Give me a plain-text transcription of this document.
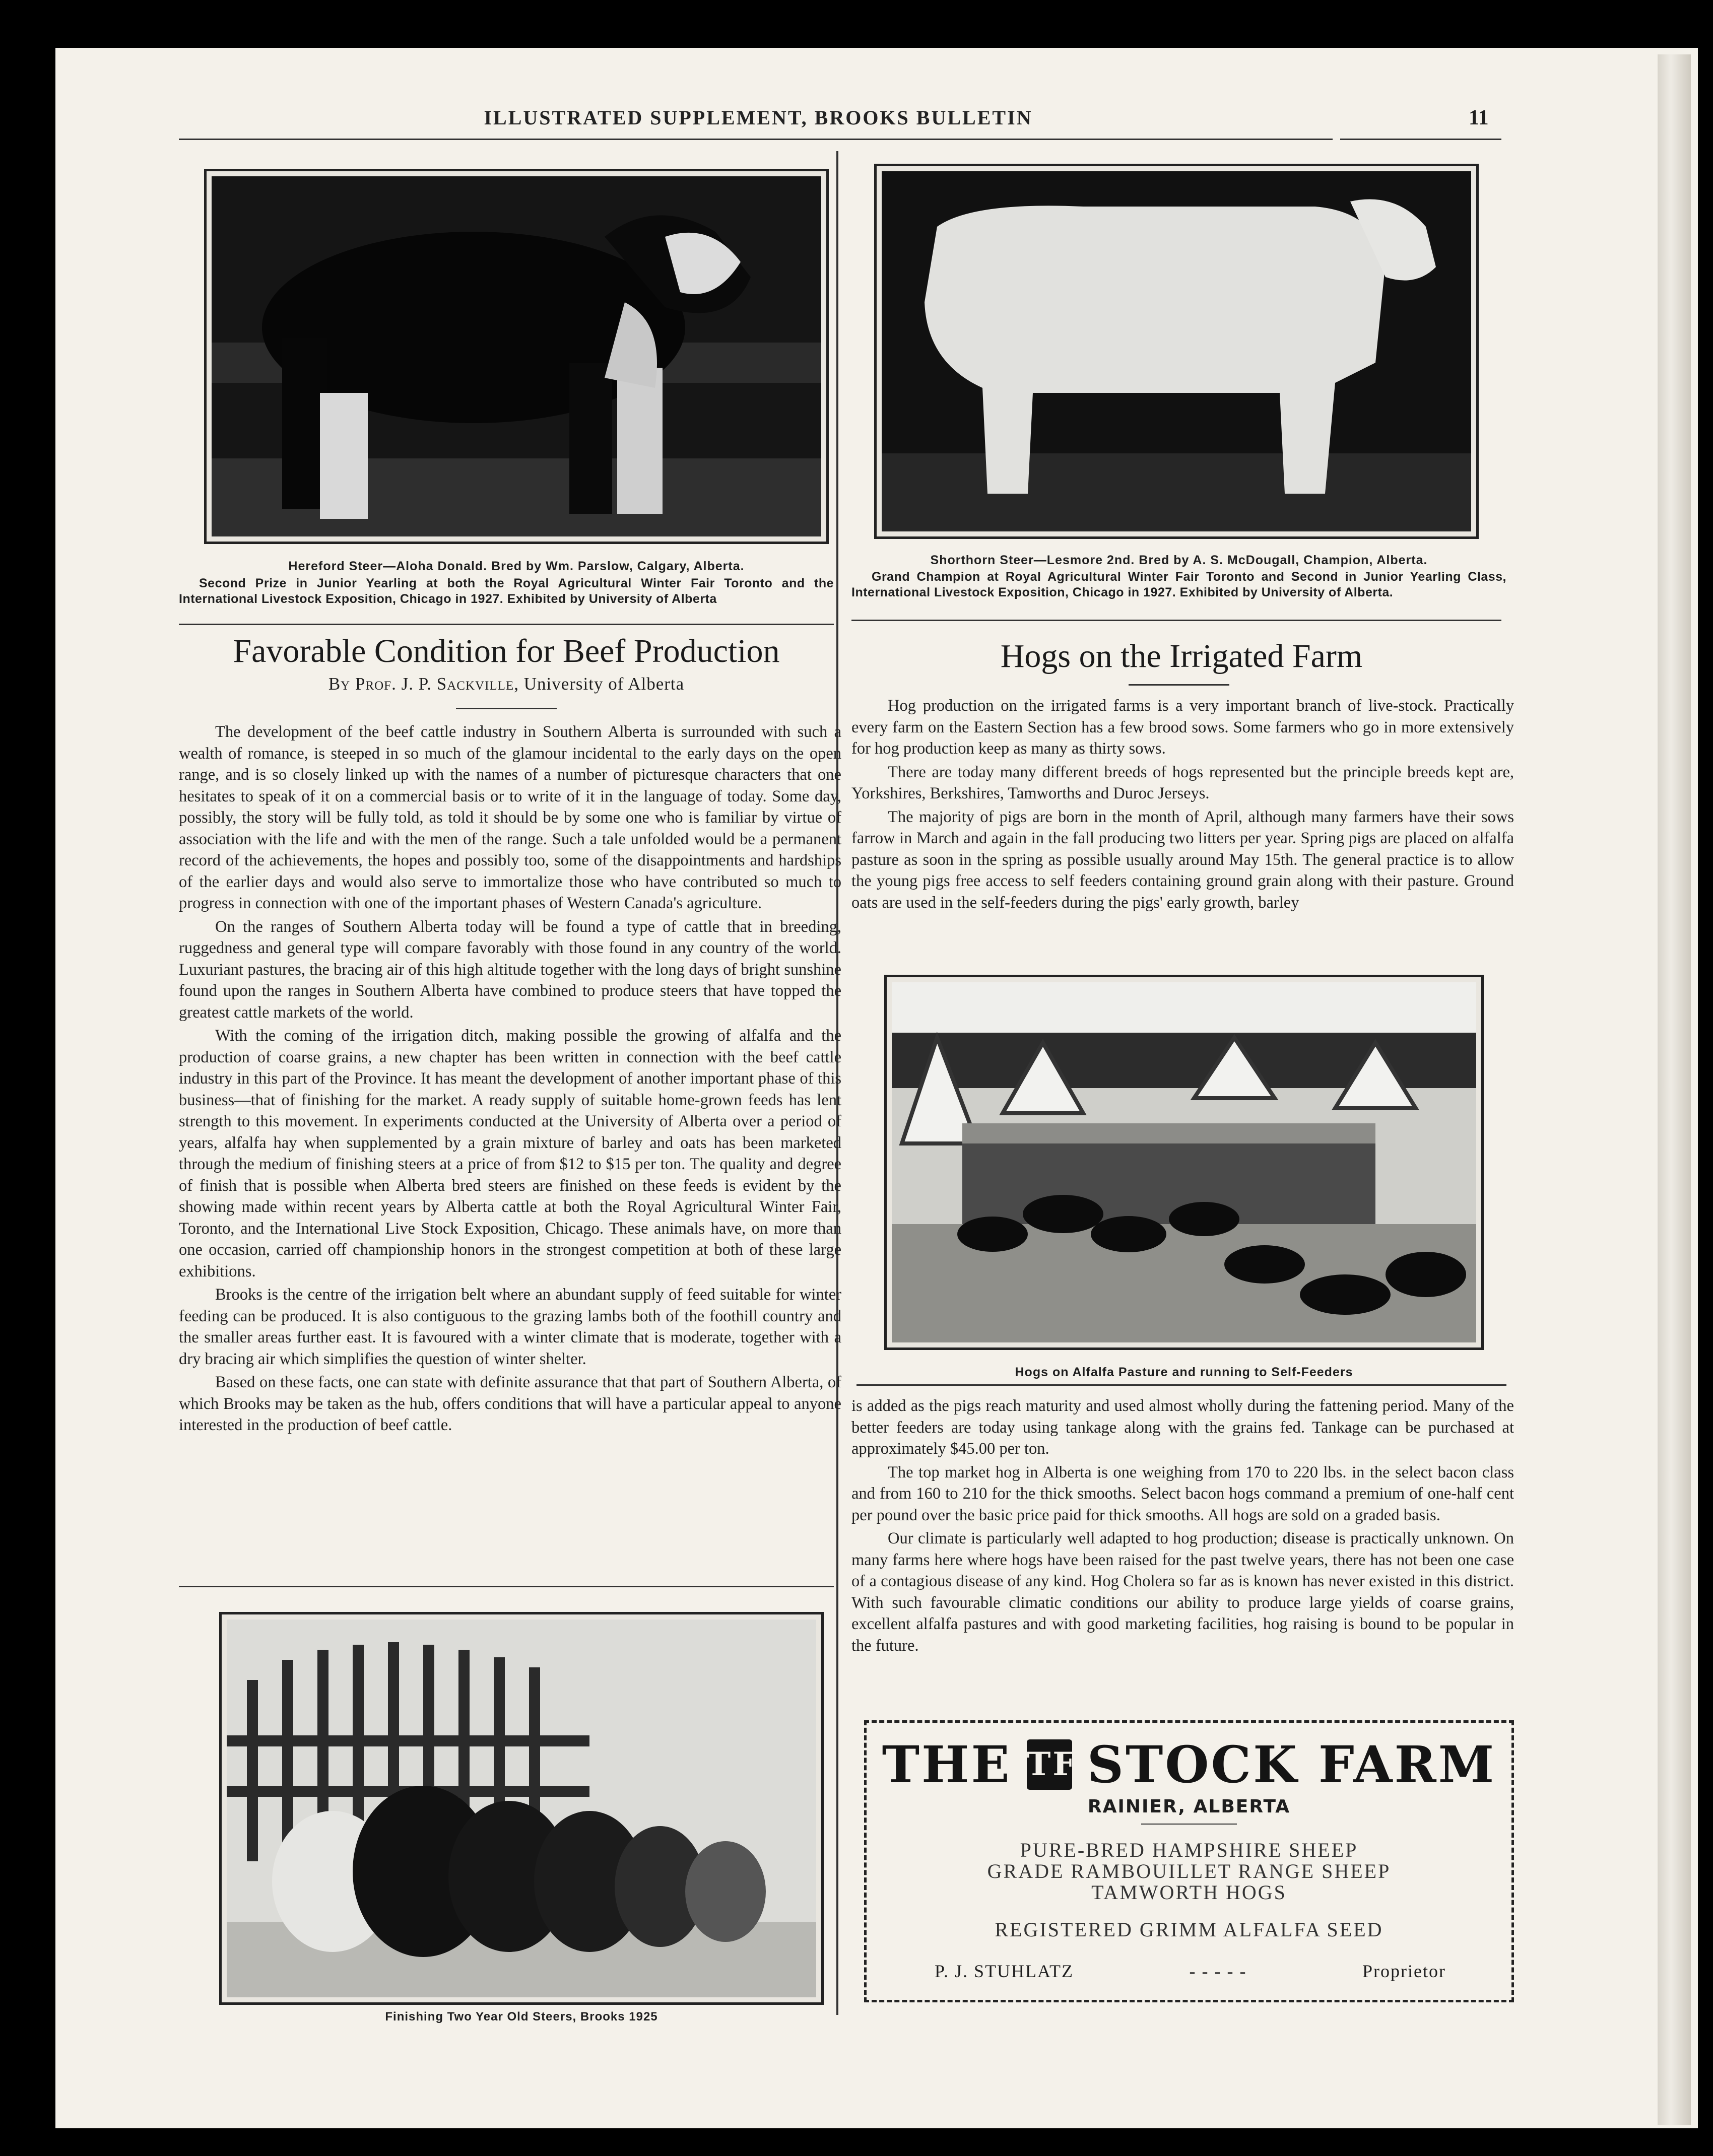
ILLUSTRATED SUPPLEMENT, BROOKS BULLETIN	11
Hereford Steer—Aloha Donald. Bred by Wm. Parslow, Calgary, Alberta.
Second Prize in Junior Yearling at both the Royal Agricultural Winter Fair Toronto and the International Livestock Exposition, Chicago in 1927. Exhibited by University of Alberta
Shorthorn Steer—Lesmore 2nd. Bred by A. S. McDougall, Champion, Alberta.
Grand Champion at Royal Agricultural Winter Fair Toronto and Second in Junior Yearling Class, International Livestock Exposition, Chicago in 1927. Exhibited by University of Alberta.
Favorable Condition for Beef Production
By Prof. J. P. Sackville, University of Alberta

The development of the beef cattle industry in Southern Alberta is surrounded with such a wealth of romance, is steeped in so much of the glamour incidental to the early days on the open range, and is so closely linked up with the names of a number of picturesque characters that one hesitates to speak of it on a commercial basis or to write of it in the language of today. Some day, possibly, the story will be fully told, as told it should be by some one who is familiar by virtue of association with the life and with the men of the range. Such a tale unfolded would be a permanent record of the achievements, the hopes and possibly too, some of the disappointments and hardships of the earlier days and would also serve to immortalize those who have contributed so much to progress in connection with one of the important phases of Western Canada's agriculture.

On the ranges of Southern Alberta today will be found a type of cattle that in breeding, ruggedness and general type will compare favorably with those found in any country of the world. Luxuriant pastures, the bracing air of this high altitude together with the long days of bright sunshine found upon the ranges in Southern Alberta have combined to produce steers that have topped the greatest cattle markets of the world.

With the coming of the irrigation ditch, making possible the growing of alfalfa and the production of coarse grains, a new chapter has been written in connection with the beef cattle industry in this part of the Province. It has meant the development of another important phase of this business—that of finishing for the market. A ready supply of suitable home-grown feeds has lent strength to this movement. In experiments conducted at the University of Alberta over a period of years, alfalfa hay when supplemented by a grain mixture of barley and oats has been marketed through the medium of finishing steers at a price of from $12 to $15 per ton. The quality and degree of finish that is possible when Alberta bred steers are finished on these feeds is evident by the showing made within recent years by Alberta cattle at both the Royal Agricultural Winter Fair, Toronto, and the International Live Stock Exposition, Chicago. These animals have, on more than one occasion, carried off championship honors in the strongest competition at both of these large exhibitions.

Brooks is the centre of the irrigation belt where an abundant supply of feed suitable for winter feeding can be produced. It is also contiguous to the grazing lambs both of the foothill country and the smaller areas further east. It is favoured with a winter climate that is moderate, together with a dry bracing air which simplifies the question of winter shelter.

Based on these facts, one can state with definite assurance that that part of Southern Alberta, of which Brooks may be taken as the hub, offers conditions that will have a particular appeal to anyone interested in the production of beef cattle.

Finishing Two Year Old Steers, Brooks 1925
Hogs on the Irrigated Farm

Hog production on the irrigated farms is a very important branch of live-stock. Practically every farm on the Eastern Section has a few brood sows. Some farmers who go in more extensively for hog production keep as many as thirty sows.

There are today many different breeds of hogs represented but the principle breeds kept are, Yorkshires, Berkshires, Tamworths and Duroc Jerseys.

The majority of pigs are born in the month of April, although many farmers have their sows farrow in March and again in the fall producing two litters per year. Spring pigs are placed on alfalfa pasture as soon in the spring as possible usually around May 15th. The general practice is to allow the young pigs free access to self feeders containing ground grain along with their pasture. Ground oats are used in the self-feeders during the pigs' early growth, barley

Hogs on Alfalfa Pasture and running to Self-Feeders

is added as the pigs reach maturity and used almost wholly during the fattening period. Many of the better feeders are today using tankage along with the grains fed. Tankage can be purchased at approximately $45.00 per ton.

The top market hog in Alberta is one weighing from 170 to 220 lbs. in the select bacon class and from 160 to 210 for the thick smooths. Select bacon hogs command a premium of one-half cent per pound over the basic price paid for thick smooths. All hogs are sold on a graded basis.

Our climate is particularly well adapted to hog production; disease is practically unknown. On many farms here where hogs have been raised for the past twelve years, there has not been one case of a contagious disease of any kind. Hog Cholera so far as is known has never existed in this district. With such favourable climatic conditions our ability to produce large yields of coarse grains, excellent alfalfa pastures and with good marketing facilities, hog raising is bound to be popular in the future.

THE TF STOCK FARM
RAINIER, ALBERTA
PURE-BRED HAMPSHIRE SHEEP
GRADE RAMBOUILLET RANGE SHEEP
TAMWORTH HOGS
REGISTERED GRIMM ALFALFA SEED
P. J. STUHLATZ	- - - - -	Proprietor
